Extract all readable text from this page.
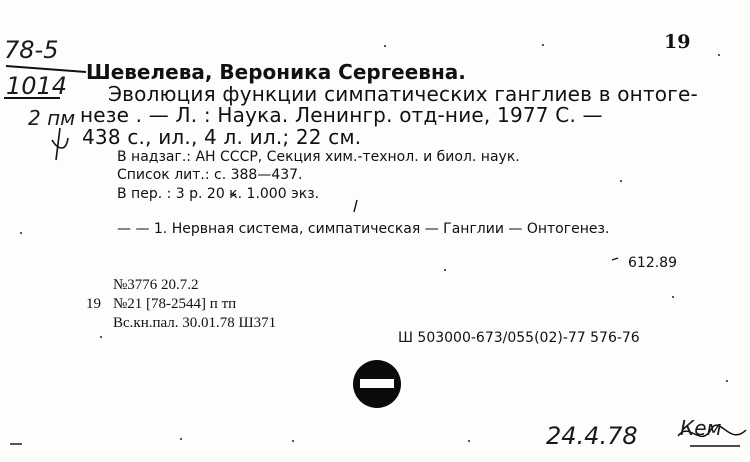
19
78-5
1014
2 пм
Шевелева, Вероника Сергеевна.
Эволюция функции симпатических ганглиев в онтоге-
незе . — Л. : Наука. Ленингр. отд-ние, 1977 С. —
438 с., ил., 4 л. ил.; 22 см.
В надзаг.: АН СССР, Секция хим.-технол. и биол. наук.
Список лит.: с. 388—437.
В пер. : 3 р. 20 к. 1.000 экз.
— — 1. Нервная система, симпатическая — Ганглии — Онтогенез.
612.89
№3776 20.7.2
19 №21 [78-2544] п тп
Вс.кн.пал. 30.01.78 Ш371
Ш 503000-673/055(02)-77 576-76
24.4.78 Кем
